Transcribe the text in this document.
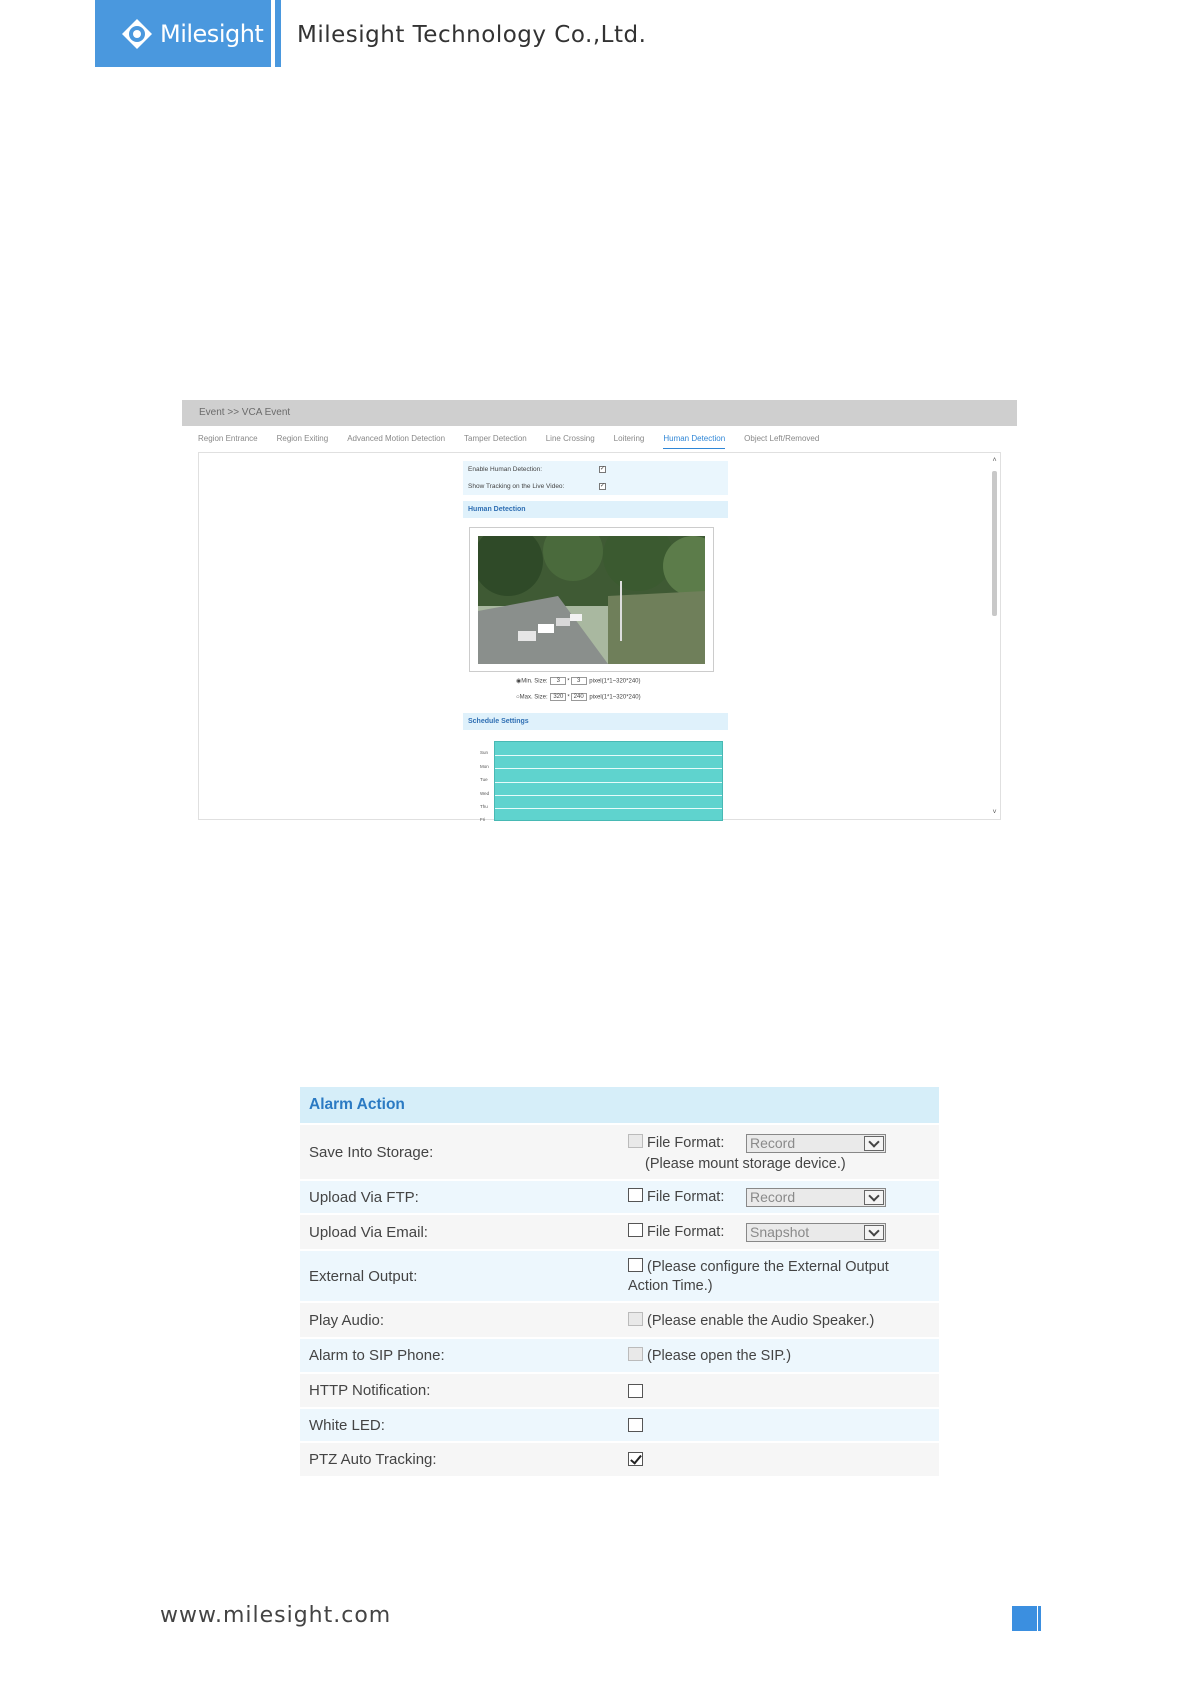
Milesight Milesight Technology Co.,Ltd.
Event >> VCA Event
Region Entrance Region Exiting Advanced Motion Detection Tamper Detection Line Crossing Loitering Human Detection Object Left/Removed
Enable Human Detection:	✓
Show Tracking on the Live Video:	✓
Human Detection
◉Min. Size: 3 * 3 pixel(1*1~320*240)
○Max. Size: 320 * 240 pixel(1*1~320*240)
Schedule Settings
Sun
Mon
Tue
Wed
Thu
Fri
˄
˅
Alarm Action
Save Into Storage:
File Format: Record
(Please mount storage device.)
Upload Via FTP:	File Format: Record
Upload Via Email:	File Format: Snapshot
External Output:
(Please configure the External Output
Action Time.)
Play Audio:	(Please enable the Audio Speaker.)
Alarm to SIP Phone:	(Please open the SIP.)
HTTP Notification:
White LED:
PTZ Auto Tracking:
www.milesight.com
